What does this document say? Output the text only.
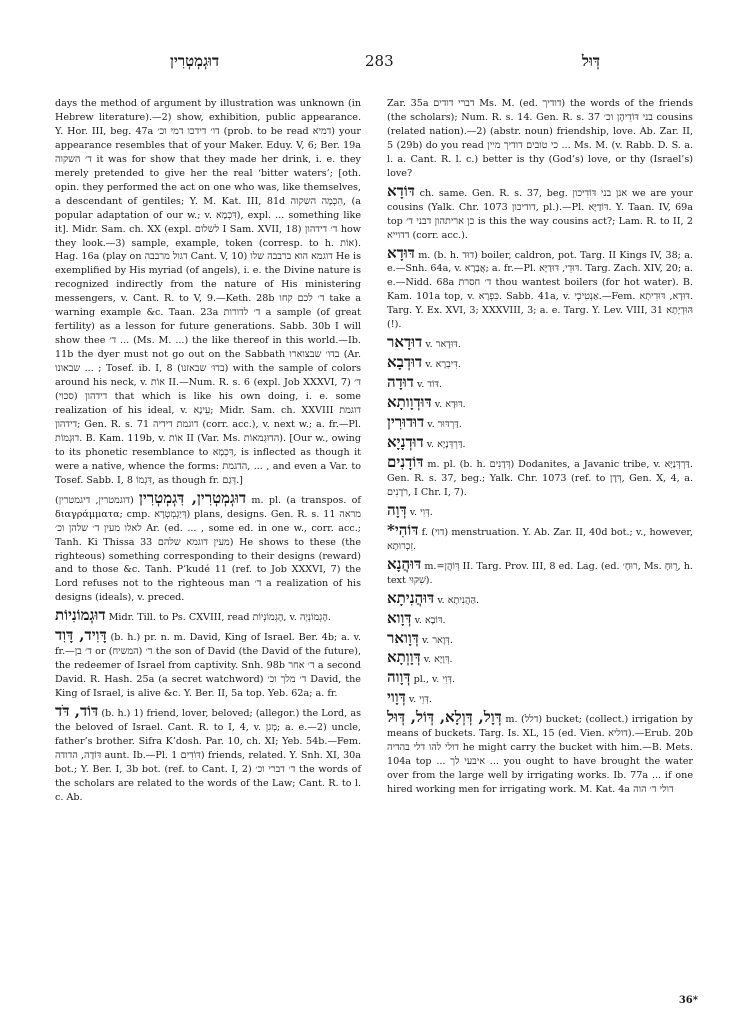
דוּגְמְטְרִין	283	דְּוּל

days the method of argument by illustration was unknown (in Hebrew literature).—2) show, exhibition, public appearance. Y. Hor. III, beg. 47a דו׳ דידכו דמי וכ׳ (prob. to be read דמיא) your appearance resembles that of your Maker. Eduy. V, 6; Ber. 19a ד׳ השקוה it was for show that they made her drink, i. e. they merely pretended to give her the real ‘bitter waters’; [oth. opin. they performed the act on one who was, like themselves, a descendant of gentiles; Y. M. Kat. III, 81d הִכְמָה השקוה, (a popular adaptation of our w.; v. דִּכְמָא), expl. ... something like it]. Midr. Sam. ch. XX (expl. לשלום I Sam. XVII, 18) ד׳ דידהון how they look.—3) sample, example, token (corresp. to h. אוֹת). Hag. 16a (play on דגול מרבבה Cant. V, 10) דוגמא הוא ברבבה שלו He is exemplified by His myriad (of angels), i. e. the Divine nature is recognized indirectly from the nature of His ministering messengers, v. Cant. R. to V, 9.—Keth. 28b ד׳ לכם קחו take a warning example &c. Taan. 23a ד׳ לדורות a sample (of great fertility) as a lesson for future generations. Sabb. 30b I will show thee ד׳ ... (Ms. M. ...) the like thereof in this world.—Ib. 11b the dyer must not go out on the Sabbath בדו׳ שבצוארו (Ar. שבאונו ... ; Tosef. ib. I, 8 (בדוּ׳ שבאזנו) with the sample of colors around his neck, v. אוֹת II.—Num. R. s. 6 (expl. Job XXXVI, 7) ד׳ דידהון (סכוי) that which is like his own doing, i. e. some realization of his ideal, v. עֵינָא; Midr. Sam. ch. XXVIII דוגמת דידהון; Gen. R. s. 71 דוגמת דידיה (corr. acc.), v. next w.; a. fr.—Pl. דוּגְמוֹת. B. Kam. 119b, v. אוֹת II (Var. Ms. הדוּגְמאוֹת). [Our w., owing to its phonetic resemblance to דִּכְמָא, is inflected as though it were a native, whence the forms: הדגמת, ... , and even a Var. to Tosef. Sabb. I, 8 דִּגְמוֹ, as though fr. דְּגַם.]

דוּגְמְטְרִין, דִּגְמְטְרִין (דוגמטרין, דיגמטרין) m. pl. (a transpos. of διαγράμματα; cmp. דְּיַגְמְטְרָא) plans, designs. Gen. R. s. 11 מראה לאלו מעין ד׳ שלהן וכ׳ Ar. (ed. ... , some ed. in one w., corr. acc.; Tanh. Ki Thissa 33 מעין דוגמא שלהם) He shows to these (the righteous) something corresponding to their designs (reward) and to those &c. Tanh. P’kudé 11 (ref. to Job XXXVI, 7) the Lord refuses not to the righteous man ד׳ a realization of his designs (ideals), v. preced.

דוּגְמוֹנִיוֹת Midr. Till. to Ps. CXVIII, read הֶגְמוֹנְיוֹת, v. הֶגְמוֹנְיָה.

דָּוִיד, דָּוִד (b. h.) pr. n. m. David, King of Israel. Ber. 4b; a. v. fr.—ד׳ בן or ד׳ (המשיח) the son of David (the David of the future), the redeemer of Israel from captivity. Snh. 98b ד׳ אחר a second David. R. Hash. 25a (a secret watchword) ד׳ מלך וכ׳ David, the King of Israel, is alive &c. Y. Ber. II, 5a top. Yeb. 62a; a. fr.

דּוֹד, דֹּד (b. h.) 1) friend, lover, beloved; (allegor.) the Lord, as the beloved of Israel. Cant. R. to I, 4, v. מְגִן; a. e.—2) uncle, father’s brother. Sifra K’dosh. Par. 10, ch. XI; Yeb. 54b.—Fem. דּוֹדָה, הדודה aunt. Ib.—Pl. דּוֹדִים 1) friends, related. Y. Snh. XI, 30a bot.; Y. Ber. I, 3b bot. (ref. to Cant. I, 2) ד׳ דברי וכ׳ the words of the scholars are related to the words of the Law; Cant. R. to l. c. Ab.

Zar. 35a דברי דודים Ms. M. (ed. דודיך) the words of the friends (the scholars); Num. R. s. 14. Gen. R. s. 37 בני דּוֹדֵיהֶן וכ׳ cousins (related nation).—2) (abstr. noun) friendship, love. Ab. Zar. II, 5 (29b) do you read כי טובים דודיך מיין ... Ms. M. (v. Rabb. D. S. a. l. a. Cant. R. l. c.) better is thy (God’s) love, or thy (Israel’s) love?

דּוֹדָא ch. same. Gen. R. s. 37, beg. אנן בני דּוֹדִיכון we are your cousins (Yalk. Chr. 1073 דודיכון, pl.).—Pl. דּוֹדַיָּא. Y. Taan. IV, 69a top כן אריתהון דבני ד׳ is this the way cousins act?; Lam. R. to II, 2 דדוייא (corr. acc.).

דּוּדָא m. (b. h. דוּד) boiler, caldron, pot. Targ. II Kings IV, 38; a. e.—Snh. 64a, v. אֲבָרָא; a. fr.—Pl. דּוּדֵי, דּוּדַיָּא. Targ. Zach. XIV, 20; a. e.—Nidd. 68a ד׳ חסרת thou wantest boilers (for hot water). B. Kam. 101a top, v. כִּפְרָא. Sabb. 41a, v. אַנְטִיכְי.—Fem. דּוּדָא, דּוּדִיתָא. Targ. Y. Ex. XVI, 3; XXXVIII, 3; a. e. Targ. Y. Lev. VIII, 31 הּוּדְיָתָא (!).

דוּדָאר v. דּוּדָאר.

דוּדְבָא v. דִּיבְרָא.

דוּדָה v. דּוֹד.

דּוּדְוָותָא v. דּוּדָא.

דוּדוּרִין v. דַּרְדּוּר.

דוּדְנָיָא v. דַּרְדְּנָיָא.

דּוֹדָנִים m. pl. (b. h. דְּדָנִים) Dodanites, a Javanic tribe, v. דַּרְדְּנַיָּא. Gen. R. s. 37, beg.; Yalk. Chr. 1073 (ref. to דְּדָן, Gen. X, 4, a. רֹדָנִים, I Chr. I, 7).

דְּוָה v. דְּוִי.

*דּוֹהִי f. (דוי) menstruation. Y. Ab. Zar. II, 40d bot.; v., however, זֵכְרוּתָא.

דּוּהֲנָא m.=דְּוֹהֲן II. Targ. Prov. III, 8 ed. Lag. (ed. רוּחָ׳, Ms. רֻוּחָ, h. text שִׁקּוּי).

דּוּהֲנִיתָא v. הַּהֲנִיתָא.

דְּוָוא v. דּוֹבָא.

דְּוָואר v. דְּוָאר.

דְּוָוְתָא v. דְּוָיָא.

דְּוָוה pl., v. דְּוִי.

דְּוָוי v. דְּוֵי.

דְּוָל, דְּוְלָא, דְּוֹל, דְּוּל m. (דלל) bucket; (collect.) irrigation by means of buckets. Targ. Is. XL, 15 (ed. Vien. דוליא).—Erub. 20b דולי להו דלי בהדיה he might carry the bucket with him.—B. Mets. 104a top ... איבעי לך ... you ought to have brought the water over from the large well by irrigating works. Ib. 77a ... if one hired working men for irrigating work. M. Kat. 4a דולי ד׳ הוה

36*
